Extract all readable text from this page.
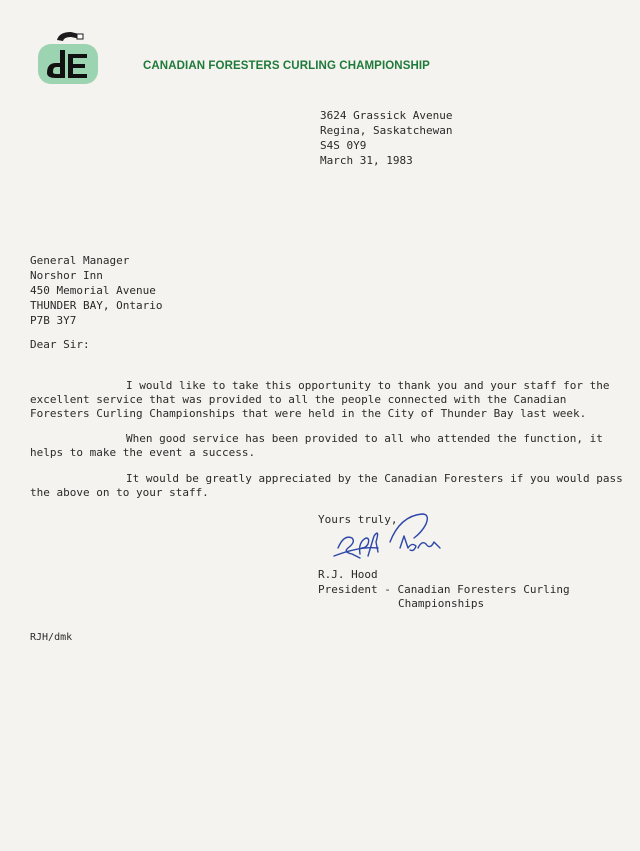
CANADIAN FORESTERS CURLING CHAMPIONSHIP
3624 Grassick Avenue
Regina, Saskatchewan
S4S 0Y9
March 31, 1983
General Manager
Norshor Inn
450 Memorial Avenue
THUNDER BAY, Ontario
P7B 3Y7
Dear Sir:
I would like to take this opportunity to thank you and your staff for the
excellent service that was provided to all the people connected with the Canadian
Foresters Curling Championships that were held in the City of Thunder Bay last week.
When good service has been provided to all who attended the function, it
helps to make the event a success.
It would be greatly appreciated by the Canadian Foresters if you would pass
the above on to your staff.
Yours truly,
R.J. Hood
President - Canadian Foresters Curling
Championships
RJH/dmk
